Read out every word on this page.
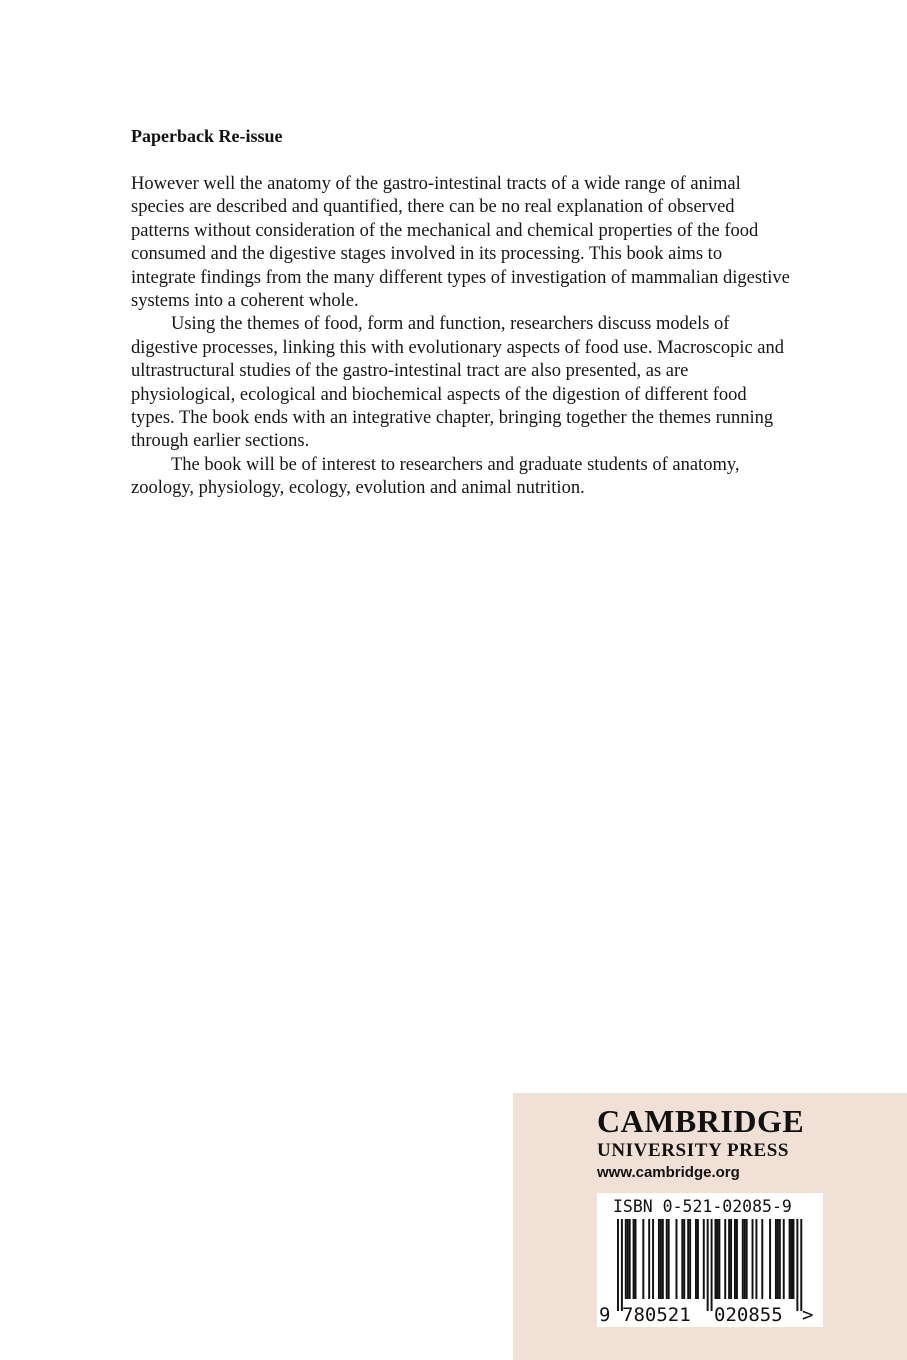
Paperback Re-issue

However well the anatomy of the gastro-intestinal tracts of a wide range of animal species are described and quantified, there can be no real explanation of observed patterns without consideration of the mechanical and chemical properties of the food consumed and the digestive stages involved in its processing. This book aims to integrate findings from the many different types of investigation of mammalian digestive systems into a coherent whole.

Using the themes of food, form and function, researchers discuss models of digestive processes, linking this with evolutionary aspects of food use. Macroscopic and ultrastructural studies of the gastro-intestinal tract are also presented, as are physiological, ecological and biochemical aspects of the digestion of different food types. The book ends with an integrative chapter, bringing together the themes running through earlier sections.

The book will be of interest to researchers and graduate students of anatomy, zoology, physiology, ecology, evolution and animal nutrition.

CAMBRIDGE
UNIVERSITY PRESS
www.cambridge.org
ISBN 0-521-02085-9
9 780521 020855 >
